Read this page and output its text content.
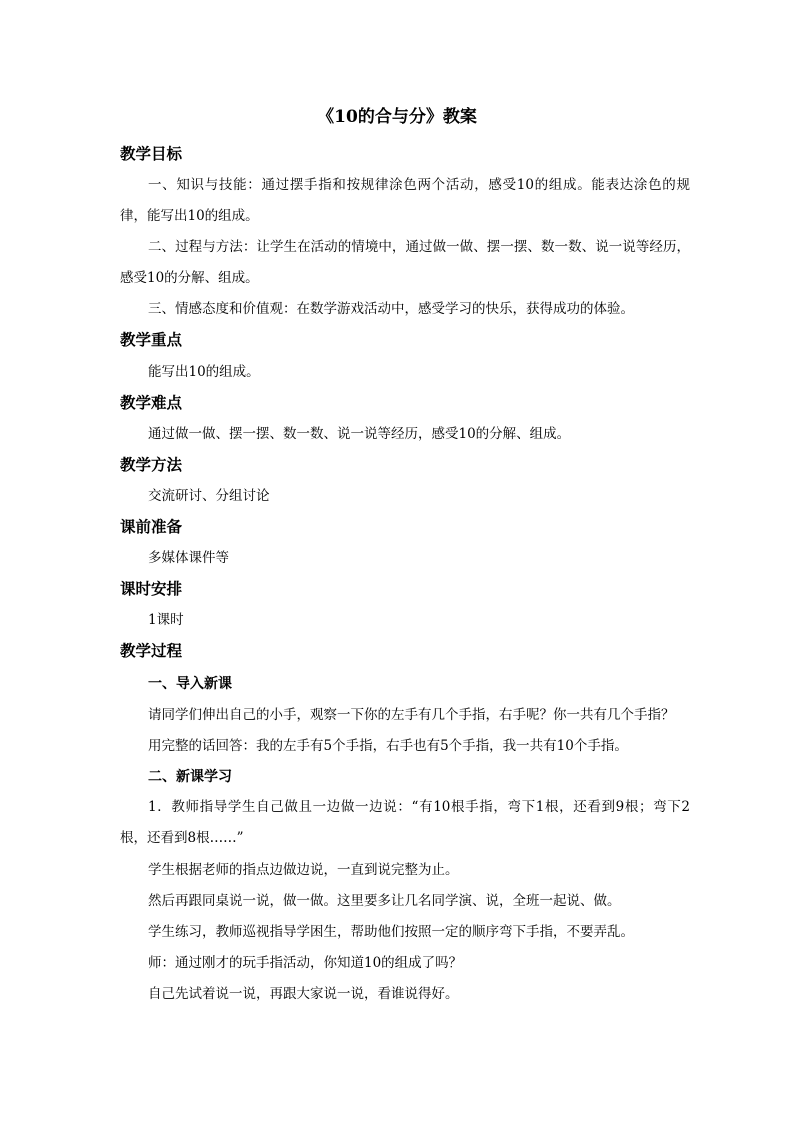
《10的合与分》教案
教学目标
一、知识与技能：通过摆手指和按规律涂色两个活动，感受10的组成。能表达涂色的规律，能写出10的组成。
二、过程与方法：让学生在活动的情境中，通过做一做、摆一摆、数一数、说一说等经历，感受10的分解、组成。
三、情感态度和价值观：在数学游戏活动中，感受学习的快乐，获得成功的体验。
教学重点
能写出10的组成。
教学难点
通过做一做、摆一摆、数一数、说一说等经历，感受10的分解、组成。
教学方法
交流研讨、分组讨论
课前准备
多媒体课件等
课时安排
1课时
教学过程
一、导入新课
请同学们伸出自己的小手，观察一下你的左手有几个手指，右手呢？你一共有几个手指？
用完整的话回答：我的左手有5个手指，右手也有5个手指，我一共有10个手指。
二、新课学习
1．教师指导学生自己做且一边做一边说：“有10根手指，弯下1根，还看到9根；弯下2根，还看到8根……”
学生根据老师的指点边做边说，一直到说完整为止。
然后再跟同桌说一说，做一做。这里要多让几名同学演、说，全班一起说、做。
学生练习，教师巡视指导学困生，帮助他们按照一定的顺序弯下手指，不要弄乱。
师：通过刚才的玩手指活动，你知道10的组成了吗？
自己先试着说一说，再跟大家说一说，看谁说得好。
